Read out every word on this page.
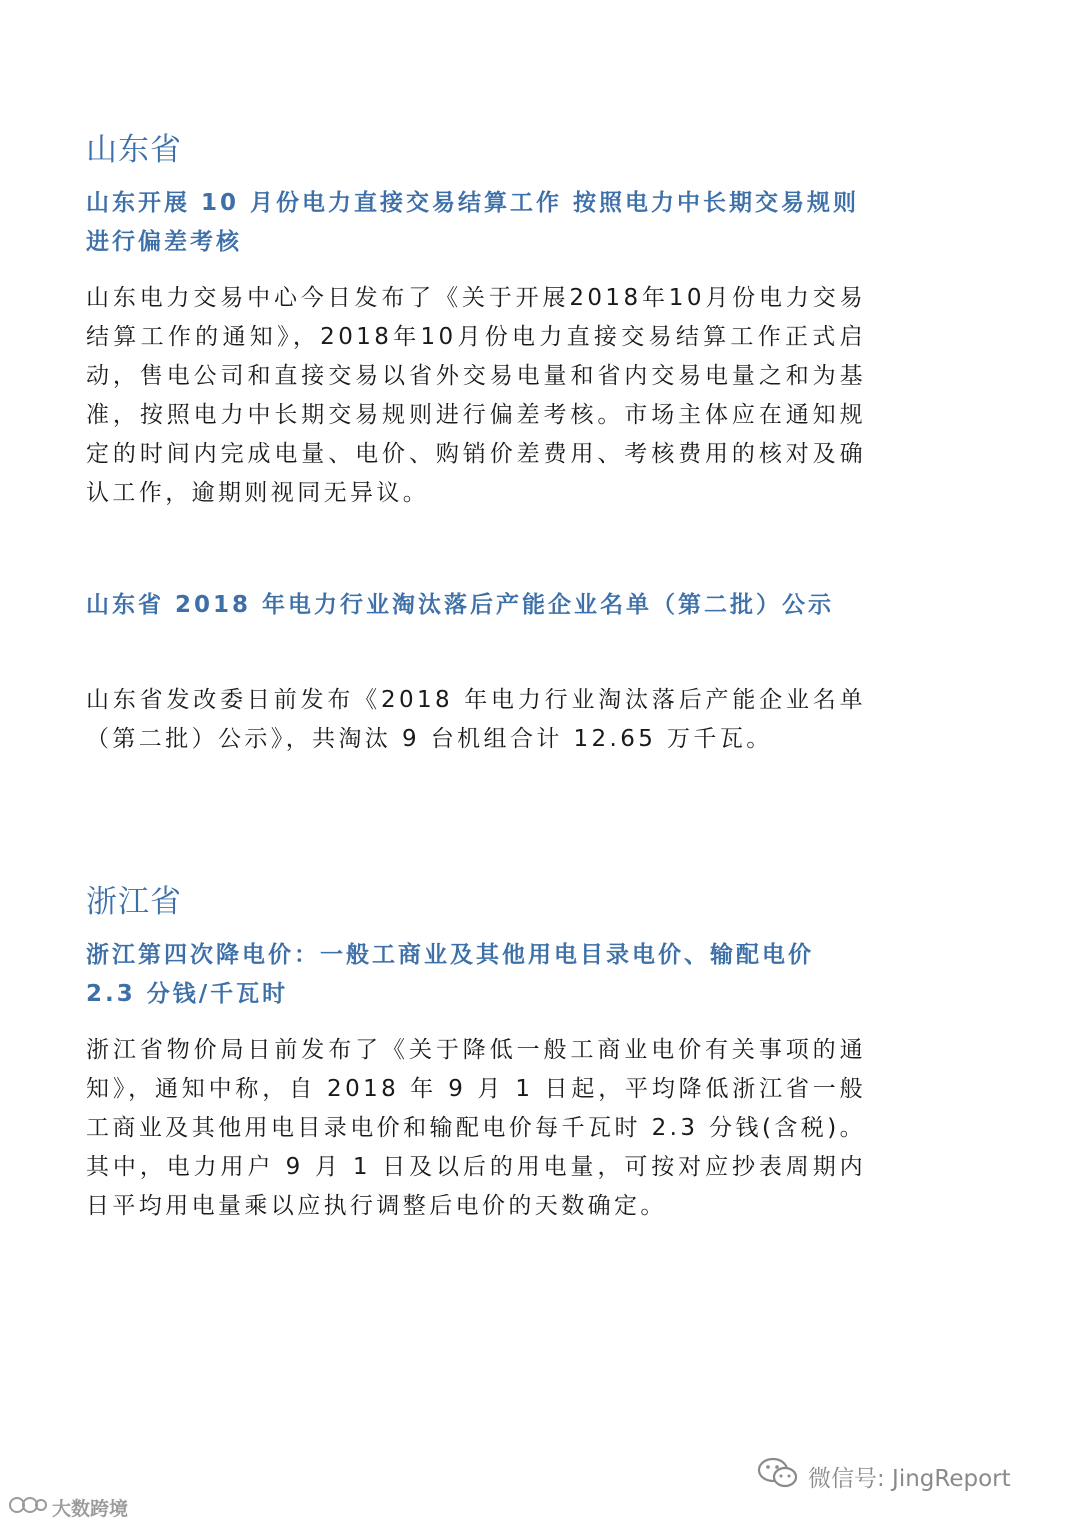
山东省
山东开展 10 月份电力直接交易结算工作 按照电力中长期交易规则进行偏差考核

山东电力交易中心今日发布了《关于开展2018年10月份电力交易结算工作的通知》，2018年10月份电力直接交易结算工作正式启动，售电公司和直接交易以省外交易电量和省内交易电量之和为基准，按照电力中长期交易规则进行偏差考核。市场主体应在通知规定的时间内完成电量、电价、购销价差费用、考核费用的核对及确认工作，逾期则视同无异议。

山东省 2018 年电力行业淘汰落后产能企业名单（第二批）公示

山东省发改委日前发布《2018 年电力行业淘汰落后产能企业名单（第二批）公示》，共淘汰 9 台机组合计 12.65 万千瓦。

浙江省
浙江第四次降电价：一般工商业及其他用电目录电价、输配电价 2.3 分钱/千瓦时

浙江省物价局日前发布了《关于降低一般工商业电价有关事项的通知》，通知中称，自 2018 年 9 月 1 日起，平均降低浙江省一般工商业及其他用电目录电价和输配电价每千瓦时 2.3 分钱(含税)。其中，电力用户 9 月 1 日及以后的用电量，可按对应抄表周期内日平均用电量乘以应执行调整后电价的天数确定。

大数跨境
微信号: JingReport
